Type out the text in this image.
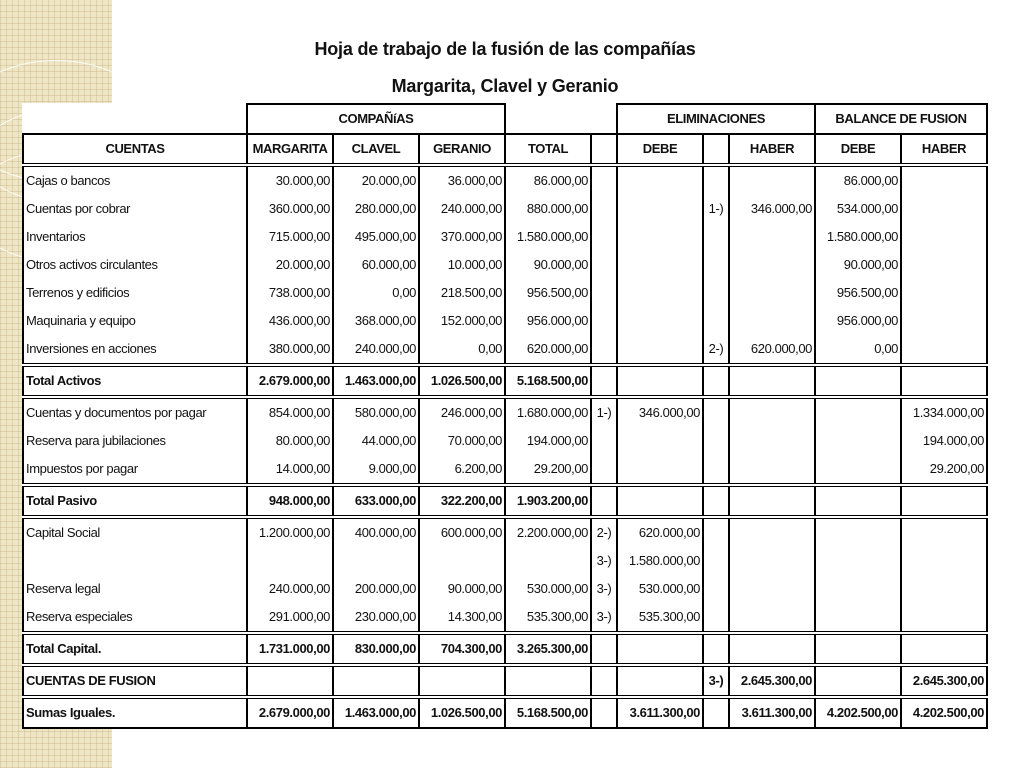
Hoja de trabajo de la fusión de las compañías
Margarita, Clavel y Geranio
	COMPAÑíAS					ELIMINACIONES			BALANCE DE FUSION	
CUENTAS	MARGARITA	CLAVEL	GERANIO	TOTAL		DEBE		HABER	DEBE	HABER
Cajas o bancos	30.000,00	20.000,00	36.000,00	86.000,00					86.000,00	
Cuentas por cobrar	360.000,00	280.000,00	240.000,00	880.000,00			1-)	346.000,00	534.000,00	
Inventarios	715.000,00	495.000,00	370.000,00	1.580.000,00					1.580.000,00	
Otros activos circulantes	20.000,00	60.000,00	10.000,00	90.000,00					90.000,00	
Terrenos y edificios	738.000,00	0,00	218.500,00	956.500,00					956.500,00	
Maquinaria y equipo	436.000,00	368.000,00	152.000,00	956.000,00					956.000,00	
Inversiones en acciones	380.000,00	240.000,00	0,00	620.000,00			2-)	620.000,00	0,00	
Total Activos	2.679.000,00	1.463.000,00	1.026.500,00	5.168.500,00						
Cuentas y documentos por pagar	854.000,00	580.000,00	246.000,00	1.680.000,00	1-)	346.000,00				1.334.000,00
Reserva para jubilaciones	80.000,00	44.000,00	70.000,00	194.000,00						194.000,00
Impuestos por pagar	14.000,00	9.000,00	6.200,00	29.200,00						29.200,00
Total Pasivo	948.000,00	633.000,00	322.200,00	1.903.200,00						
Capital Social	1.200.000,00	400.000,00	600.000,00	2.200.000,00	2-)	620.000,00				
					3-)	1.580.000,00				
Reserva legal	240.000,00	200.000,00	90.000,00	530.000,00	3-)	530.000,00				
Reserva especiales	291.000,00	230.000,00	14.300,00	535.300,00	3-)	535.300,00				
Total Capital.	1.731.000,00	830.000,00	704.300,00	3.265.300,00						
CUENTAS DE FUSION							3-)	2.645.300,00		2.645.300,00
Sumas Iguales.	2.679.000,00	1.463.000,00	1.026.500,00	5.168.500,00		3.611.300,00		3.611.300,00	4.202.500,00	4.202.500,00
